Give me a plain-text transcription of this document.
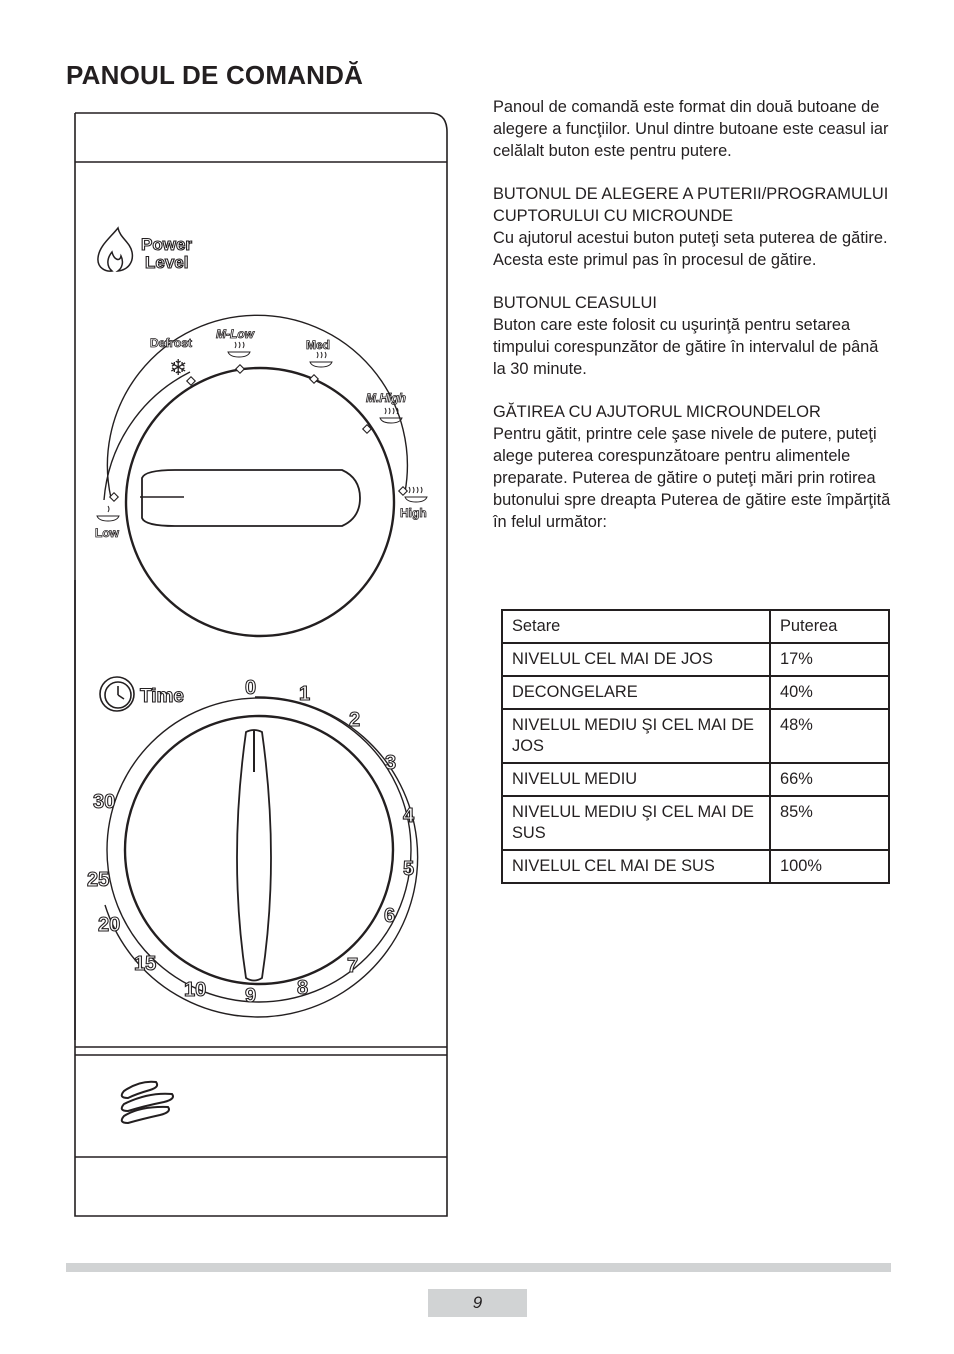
PANOUL DE COMANDĂ
Power
Level
Defrost
❄
M-Low
Med
M.High
High
Low
Time	0 1
2
3
4
5
6
7
8
9
10
15
20
25
30

Panoul de comandă este format din două butoane de alegere a funcţiilor. Unul dintre butoane este ceasul iar celălalt buton este pentru putere.

BUTONUL DE ALEGERE A PUTERII/PROGRAMULUI CUPTORULUI CU MICROUNDE
Cu ajutorul acestui buton puteţi seta puterea de gătire. Acesta este primul pas în procesul de gătire.

BUTONUL CEASULUI
Buton care este folosit cu uşurinţă pentru setarea timpului corespunzător de gătire în intervalul de până la 30 minute.

GĂTIREA CU AJUTORUL MICROUNDELOR
Pentru gătit, printre cele şase nivele de putere, puteţi alege puterea corespunzătoare pentru alimentele preparate. Puterea de gătire o puteţi mări prin rotirea butonului spre dreapta Puterea de gătire este împărţită în felul următor:

Setare	Puterea
NIVELUL CEL MAI DE JOS	17%
DECONGELARE	40%
NIVELUL MEDIU ŞI CEL MAI DE JOS	48%
NIVELUL MEDIU	66%
NIVELUL MEDIU ŞI CEL MAI DE SUS	85%
NIVELUL CEL MAI DE SUS	100%
9
